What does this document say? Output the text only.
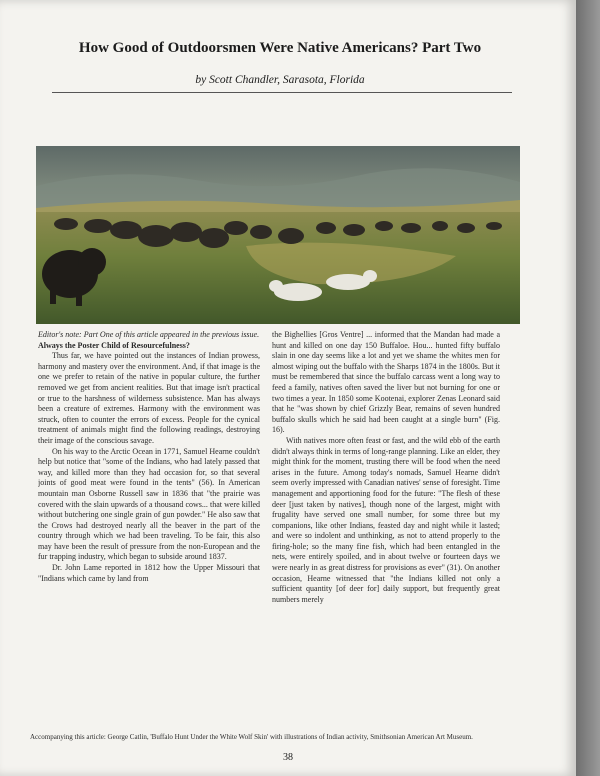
How Good of Outdoorsmen Were Native Americans? Part Two
by Scott Chandler, Sarasota, Florida

Editor's note: Part One of this article appeared in the previous issue.

Always the Poster Child of Resourcefulness?

Thus far, we have pointed out the instances of Indian prowess, harmony and mastery over the environment. And, if that image is the one we prefer to retain of the native in popular culture, the further removed we get from ancient realities. But that image isn't practical or true to the harshness of wilderness subsistence. Man has always been a creature of extremes. Harmony with the environment was struck, often to counter the errors of excess. People for the cynical treatment of animals might find the following readings, destroying their image of the conscious savage.

On his way to the Arctic Ocean in 1771, Samuel Hearne couldn't help but notice that "some of the Indians, who had lately passed that way, and killed more than they had occasion for, so that several joints of good meat were found in the tents" (56). In American mountain man Osborne Russell saw in 1836 that "the prairie was covered with the slain upwards of a thousand cows... that were killed without butchering one single grain of gun powder." He also saw that the Crows had destroyed nearly all the beaver in the part of the country through which we had been traveling. To be fair, this also may have been the result of pressure from the non-European and the fur trapping industry, which began to subside around 1837.

Dr. John Lame reported in 1812 how the Upper Missouri that "Indians which came by land from

the Bighellies [Gros Ventre] ... informed that the Mandan had made a hunt and killed on one day 150 Buffaloe. Hou... hunted fifty buffalo slain in one day seems like a lot and yet we shame the whites men for almost wiping out the buffalo with the Sharps 1874 in the 1800s. But it must be remembered that since the buffalo carcass went a long way to feed a family, natives often saved the liver but not burning for one or two times a year. In 1850 some Kootenai, explorer Zenas Leonard said that he "was shown by chief Grizzly Bear, remains of seven hundred buffalo skulls which he said had been caught at a single burn" (Fig. 16).

With natives more often feast or fast, and the wild ebb of the earth didn't always think in terms of long-range planning. Like an elder, they might think for the moment, trusting there will be food when the need arises in the future. Among today's nomads, Samuel Hearne didn't seem overly impressed with Canadian natives' sense of foresight. Time management and apportioning food for the future: "The flesh of these deer [just taken by natives], though none of the largest, might with frugality have served one small number, for some three but my companions, like other Indians, feasted day and night while it lasted; and were so indolent and unthinking, as not to attend properly to the firing-hole; so the many fine fish, which had been entangled in the nets, were entirely spoiled, and in about twelve or fourteen days we were nearly in as great distress for provisions as ever" (31). On another occasion, Hearne witnessed that "the Indians killed not only a sufficient quantity [of deer for] daily support, but frequently great numbers merely

Accompanying this article: George Catlin, 'Buffalo Hunt Under the White Wolf Skin' with illustrations of Indian activity, Smithsonian American Art Museum.
38
